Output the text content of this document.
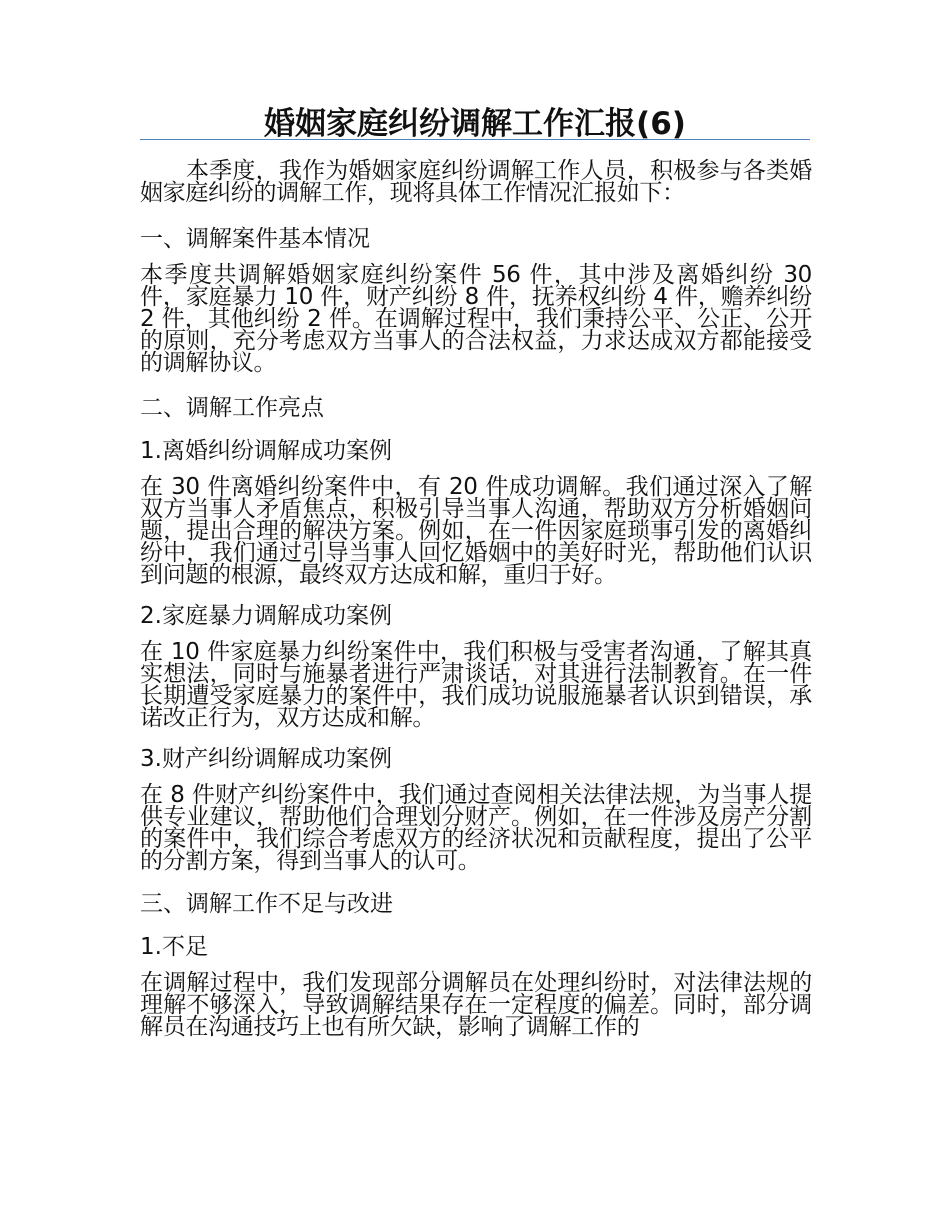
婚姻家庭纠纷调解工作汇报(6)

本季度，我作为婚姻家庭纠纷调解工作人员，积极参与各类婚姻家庭纠纷的调解工作，现将具体工作情况汇报如下：

一、调解案件基本情况

本季度共调解婚姻家庭纠纷案件 56 件，其中涉及离婚纠纷 30 件，家庭暴力 10 件，财产纠纷 8 件，抚养权纠纷 4 件，赡养纠纷 2 件，其他纠纷 2 件。在调解过程中，我们秉持公平、公正、公开的原则，充分考虑双方当事人的合法权益，力求达成双方都能接受的调解协议。

二、调解工作亮点

1.离婚纠纷调解成功案例

在 30 件离婚纠纷案件中，有 20 件成功调解。我们通过深入了解双方当事人矛盾焦点，积极引导当事人沟通，帮助双方分析婚姻问题，提出合理的解决方案。例如，在一件因家庭琐事引发的离婚纠纷中，我们通过引导当事人回忆婚姻中的美好时光，帮助他们认识到问题的根源，最终双方达成和解，重归于好。

2.家庭暴力调解成功案例

在 10 件家庭暴力纠纷案件中，我们积极与受害者沟通，了解其真实想法，同时与施暴者进行严肃谈话，对其进行法制教育。在一件长期遭受家庭暴力的案件中，我们成功说服施暴者认识到错误，承诺改正行为，双方达成和解。

3.财产纠纷调解成功案例

在 8 件财产纠纷案件中，我们通过查阅相关法律法规，为当事人提供专业建议，帮助他们合理划分财产。例如，在一件涉及房产分割的案件中，我们综合考虑双方的经济状况和贡献程度，提出了公平的分割方案，得到当事人的认可。

三、调解工作不足与改进

1.不足

在调解过程中，我们发现部分调解员在处理纠纷时，对法律法规的理解不够深入，导致调解结果存在一定程度的偏差。同时，部分调解员在沟通技巧上也有所欠缺，影响了调解工作的
